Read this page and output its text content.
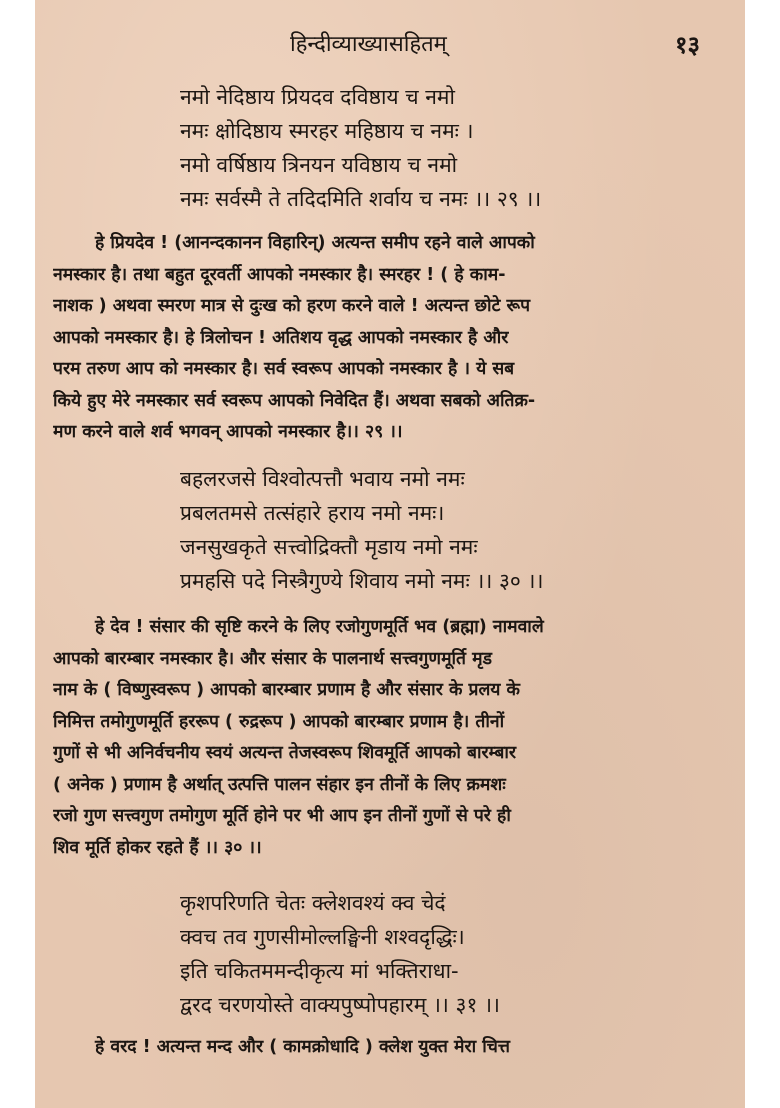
हिन्दीव्याख्यासहितम्	१३
नमो नेदिष्ठाय प्रियदव दविष्ठाय च नमो
नमः क्षोदिष्ठाय स्मरहर महिष्ठाय च नमः ।
नमो वर्षिष्ठाय त्रिनयन यविष्ठाय च नमो
नमः सर्वस्मै ते तदिदमिति शर्वाय च नमः ।। २९ ।।
हे प्रियदेव ! (आनन्दकानन विहारिन्) अत्यन्त समीप रहने वाले आपको
नमस्कार है। तथा बहुत दूरवर्ती आपको नमस्कार है। स्मरहर ! ( हे काम-
नाशक ) अथवा स्मरण मात्र से दुःख को हरण करने वाले ! अत्यन्त छोटे रूप
आपको नमस्कार है। हे त्रिलोचन ! अतिशय वृद्ध आपको नमस्कार है और
परम तरुण आप को नमस्कार है। सर्व स्वरूप आपको नमस्कार है । ये सब
किये हुए मेरे नमस्कार सर्व स्वरूप आपको निवेदित हैं। अथवा सबको अतिक्र-
मण करने वाले शर्व भगवन् आपको नमस्कार है।। २९ ।।
बहलरजसे विश्वोत्पत्तौ भवाय नमो नमः
प्रबलतमसे तत्संहारे हराय नमो नमः।
जनसुखकृते सत्त्वोद्रिक्तौ मृडाय नमो नमः
प्रमहसि पदे निस्त्रैगुण्ये शिवाय नमो नमः ।। ३० ।।
हे देव ! संसार की सृष्टि करने के लिए रजोगुणमूर्ति भव (ब्रह्मा) नामवाले
आपको बारम्बार नमस्कार है। और संसार के पालनार्थ सत्त्वगुणमूर्ति मृड
नाम के ( विष्णुस्वरूप ) आपको बारम्बार प्रणाम है और संसार के प्रलय के
निमित्त तमोगुणमूर्ति हररूप ( रुद्ररूप ) आपको बारम्बार प्रणाम है। तीनों
गुणों से भी अनिर्वचनीय स्वयं अत्यन्त तेजस्वरूप शिवमूर्ति आपको बारम्बार
( अनेक ) प्रणाम है अर्थात् उत्पत्ति पालन संहार इन तीनों के लिए क्रमशः
रजो गुण सत्त्वगुण तमोगुण मूर्ति होने पर भी आप इन तीनों गुणों से परे ही
शिव मूर्ति होकर रहते हैं ।। ३० ।।
कृशपरिणति चेतः क्लेशवश्यं क्व चेदं
क्वच तव गुणसीमोल्लङ्घिनी शश्वदृद्धिः।
इति चकितममन्दीकृत्य मां भक्तिराधा-
द्वरद चरणयोस्ते वाक्यपुष्पोपहारम् ।। ३१ ।।
हे वरद ! अत्यन्त मन्द और ( कामक्रोधादि ) क्लेश युक्त मेरा चित्त
